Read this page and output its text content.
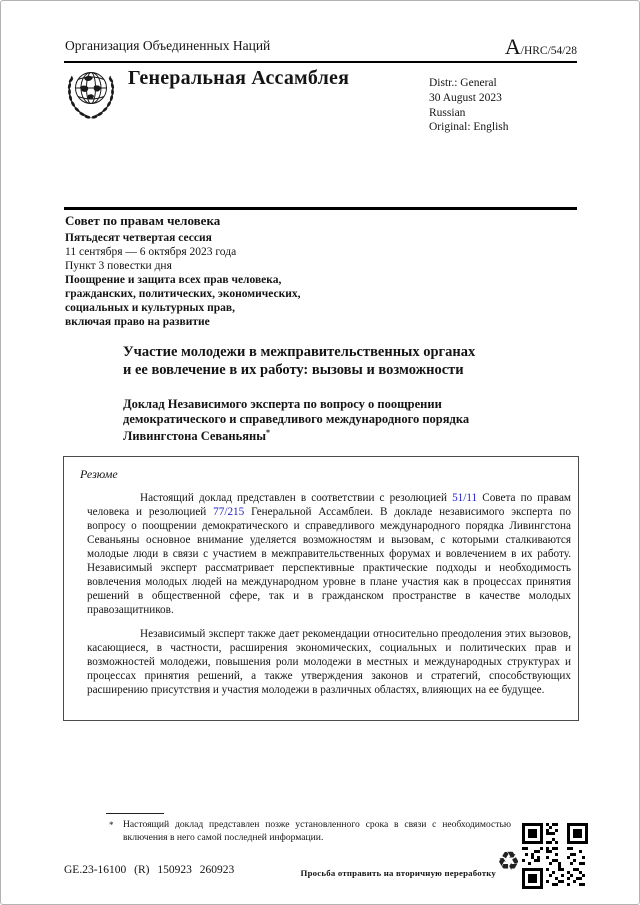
Организация Объединенных Наций	A/HRC/54/28
Генеральная Ассамблея	Distr.: General
30 August 2023
Russian
Original: English
Совет по правам человека
Пятьдесят четвертая сессия
11 сентября — 6 октября 2023 года
Пункт 3 повестки дня
Поощрение и защита всех прав человека,
гражданских, политических, экономических,
социальных и культурных прав,
включая право на развитие
Участие молодежи в межправительственных органах
и ее вовлечение в их работу: вызовы и возможности
Доклад Независимого эксперта по вопросу о поощрении
демократического и справедливого международного порядка
Ливингстона Севаньяны*
Резюме
Настоящий доклад представлен в соответствии с резолюцией 51/11 Совета по правам человека и резолюцией 77/215 Генеральной Ассамблеи. В докладе независимого эксперта по вопросу о поощрении демократического и справедливого международного порядка Ливингстона Севаньяны основное внимание уделяется возможностям и вызовам, с которыми сталкиваются молодые люди в связи с участием в межправительственных форумах и вовлечением в их работу. Независимый эксперт рассматривает перспективные практические подходы и необходимость вовлечения молодых людей на международном уровне в плане участия как в процессах принятия решений в общественной сфере, так и в гражданском пространстве в качестве молодых правозащитников.
Независимый эксперт также дает рекомендации относительно преодоления этих вызовов, касающиеся, в частности, расширения экономических, социальных и политических прав и возможностей молодежи, повышения роли молодежи в местных и международных структурах и процессах принятия решений, а также утверждения законов и стратегий, способствующих расширению присутствия и участия молодежи в различных областях, влияющих на ее будущее.
* Настоящий доклад представлен позже установленного срока в связи с необходимостью включения в него самой последней информации.
GE.23-16100 (R) 150923 260923	Просьба отправить на вторичную переработку ♻
